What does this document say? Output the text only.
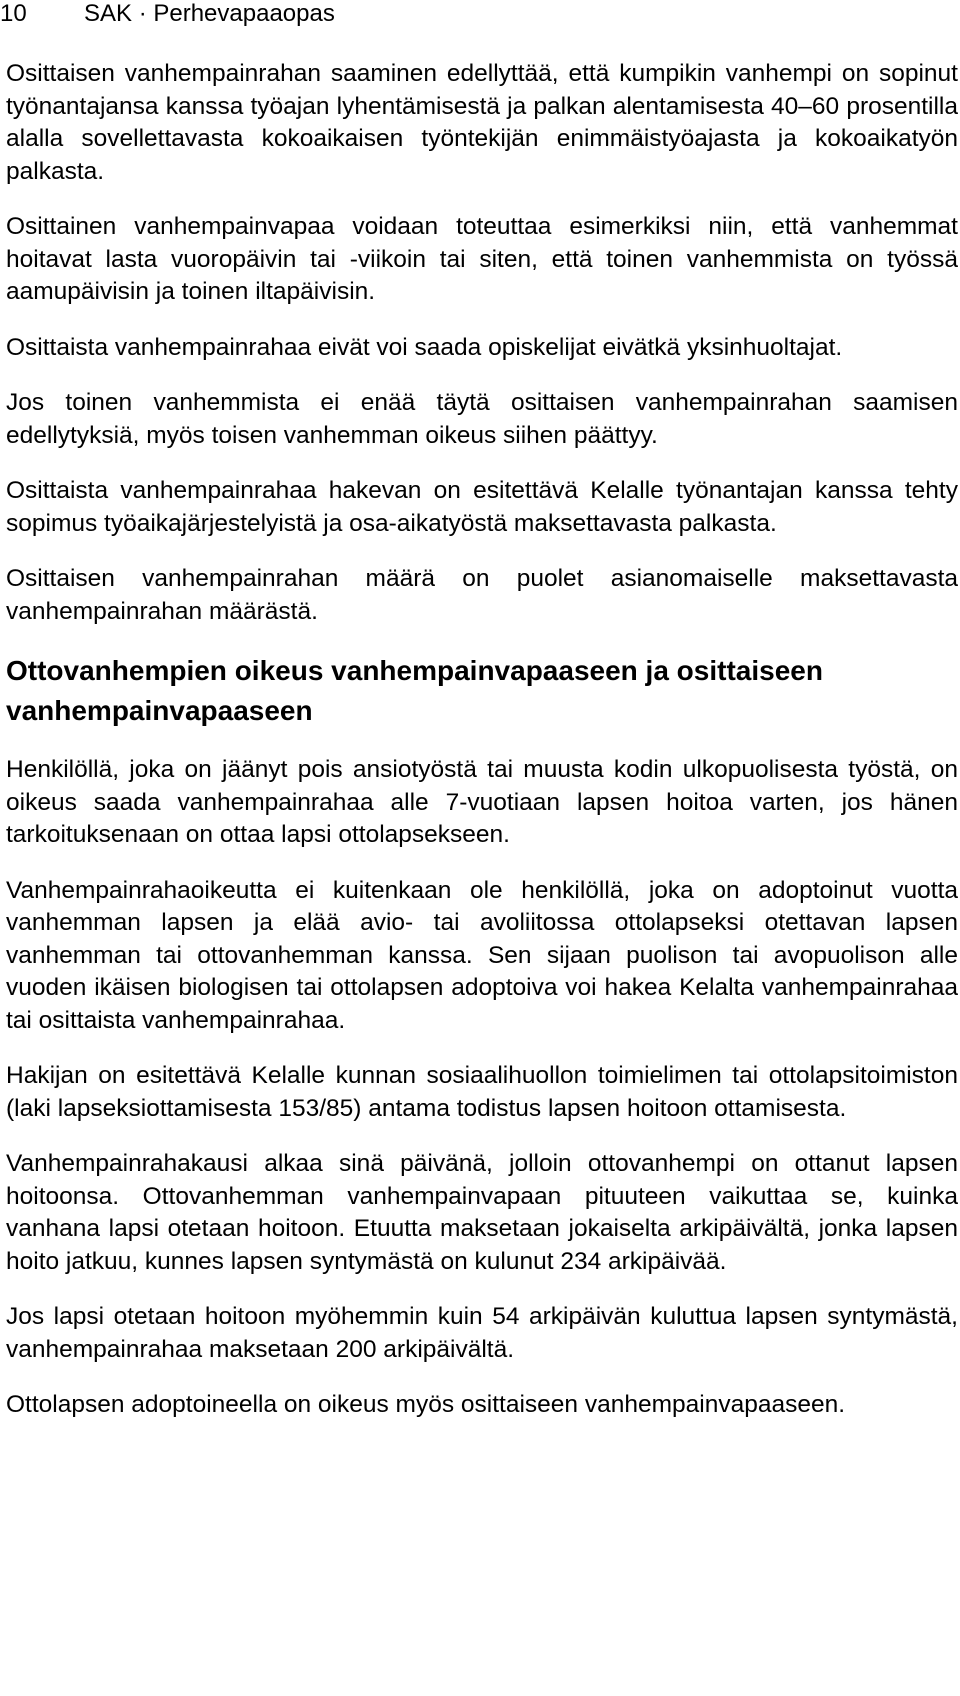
10 SAK · Perhevapaaopas

Osittaisen vanhempainrahan saaminen edellyttää, että kumpikin vanhempi on sopinut työnantajansa kanssa työajan lyhentämisestä ja palkan alentamisesta 40–60 prosentilla alalla sovellettavasta kokoaikaisen työntekijän enimmäistyöajasta ja kokoaikatyön palkasta.

Osittainen vanhempainvapaa voidaan toteuttaa esimerkiksi niin, että vanhemmat hoitavat lasta vuoropäivin tai -viikoin tai siten, että toinen vanhemmista on työssä aamupäivisin ja toinen iltapäivisin.

Osittaista vanhempainrahaa eivät voi saada opiskelijat eivätkä yksinhuoltajat.

Jos toinen vanhemmista ei enää täytä osittaisen vanhempainrahan saamisen edellytyksiä, myös toisen vanhemman oikeus siihen päättyy.

Osittaista vanhempainrahaa hakevan on esitettävä Kelalle työnantajan kanssa tehty sopimus työaikajärjestelyistä ja osa-aikatyöstä maksettavasta palkasta.

Osittaisen vanhempainrahan määrä on puolet asianomaiselle maksettavasta vanhempainrahan määrästä.

Ottovanhempien oikeus vanhempainvapaaseen ja osittaiseen vanhempainvapaaseen

Henkilöllä, joka on jäänyt pois ansiotyöstä tai muusta kodin ulkopuolisesta työstä, on oikeus saada vanhempainrahaa alle 7-vuotiaan lapsen hoitoa varten, jos hänen tarkoituksenaan on ottaa lapsi ottolapsekseen.

Vanhempainrahaoikeutta ei kuitenkaan ole henkilöllä, joka on adoptoinut vuotta vanhemman lapsen ja elää avio- tai avoliitossa ottolapseksi otettavan lapsen vanhemman tai ottovanhemman kanssa. Sen sijaan puolison tai avopuolison alle vuoden ikäisen biologisen tai ottolapsen adoptoiva voi hakea Kelalta vanhempainrahaa tai osittaista vanhempainrahaa.

Hakijan on esitettävä Kelalle kunnan sosiaalihuollon toimielimen tai ottolapsitoimiston (laki lapseksiottamisesta 153/85) antama todistus lapsen hoitoon ottamisesta.

Vanhempainrahakausi alkaa sinä päivänä, jolloin ottovanhempi on ottanut lapsen hoitoonsa. Ottovanhemman vanhempainvapaan pituuteen vaikuttaa se, kuinka vanhana lapsi otetaan hoitoon. Etuutta maksetaan jokaiselta arkipäivältä, jonka lapsen hoito jatkuu, kunnes lapsen syntymästä on kulunut 234 arkipäivää.

Jos lapsi otetaan hoitoon myöhemmin kuin 54 arkipäivän kuluttua lapsen syntymästä, vanhempainrahaa maksetaan 200 arkipäivältä.

Ottolapsen adoptoineella on oikeus myös osittaiseen vanhempainvapaaseen.
